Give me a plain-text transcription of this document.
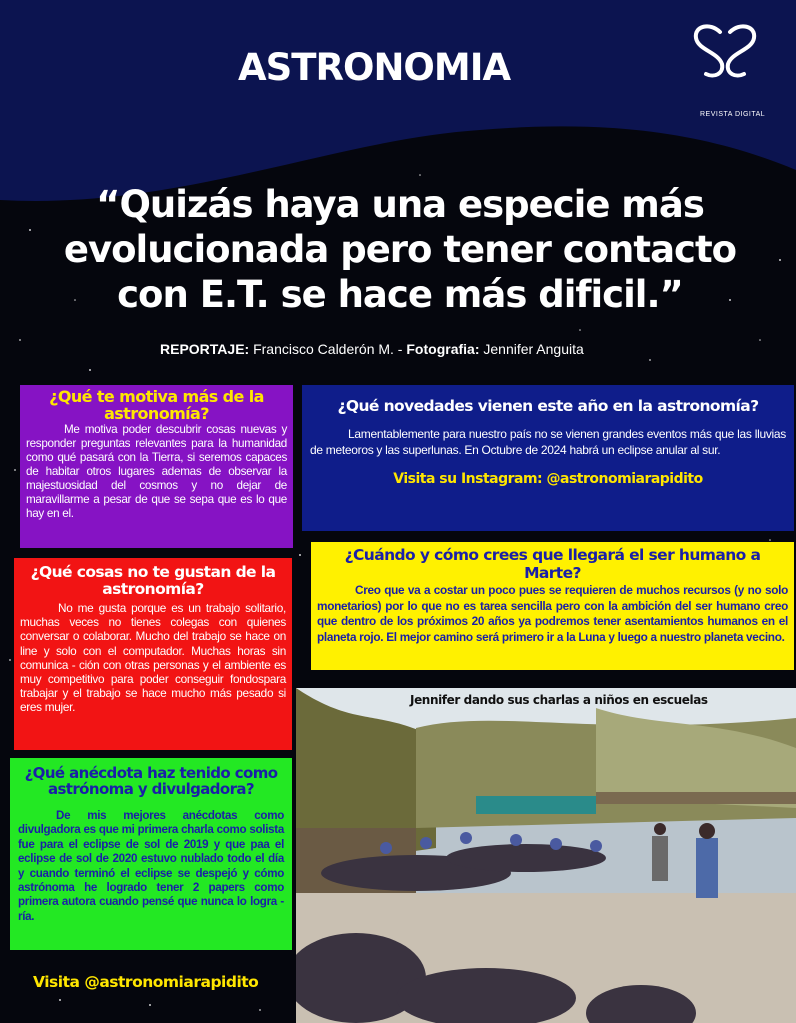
ASTRONOMIA
REVISTA DIGITAL
“Quizás haya una especie más evolucionada pero tener contacto con E.T. se hace más dificil.”
REPORTAJE: Francisco Calderón M. - Fotografia: Jennifer Anguita
¿Qué te motiva más de la astronomía?
Me motiva poder descubrir cosas nuevas y responder preguntas relevantes para la humanidad como qué pasará con la Tierra, si seremos capaces de habitar otros lugares ademas de observar la majestuosidad del cosmos y no dejar de maravillarme a pesar de que se sepa que es lo que hay en el.
¿Qué novedades vienen este año en la astronomía?
Lamentablemente para nuestro país no se vienen grandes eventos más que las lluvias de meteoros y las superlunas. En Octubre de 2024 habrá un eclipse anular al sur.
Visita su Instagram: @astronomiarapidito
¿Qué cosas no te gustan de la astronomía?
No me gusta porque es un trabajo solitario, muchas veces no tienes colegas con quienes conversar o colaborar. Mucho del trabajo se hace on line y solo con el computador. Muchas horas sin comunica - ción con otras personas y el ambiente es muy competitivo para poder conseguir fondospara trabajar y el trabajo se hace mucho más pesado si eres mujer.
¿Cuándo y cómo crees que llegará el ser humano a Marte?
Creo que va a costar un poco pues se requieren de muchos recursos (y no solo monetarios) por lo que no es tarea sencilla pero con la ambición del ser humano creo que dentro de los próximos 20 años ya podremos tener asentamientos humanos en el planeta rojo. El mejor camino será primero ir a la Luna y luego a nuestro planeta vecino.
¿Qué anécdota haz tenido como astrónoma y divulgadora?
De mis mejores anécdotas como divulgadora es que mi primera charla como solista fue para el eclipse de sol de 2019 y que paa el eclipse de sol de 2020 estuvo nublado todo el día y cuando terminó el eclipse se despejó y cómo astrónoma he logrado tener 2 papers como primera autora cuando pensé que nunca lo logra - ría.
Visita @astronomiarapidito
Jennifer dando sus charlas a niños en escuelas
